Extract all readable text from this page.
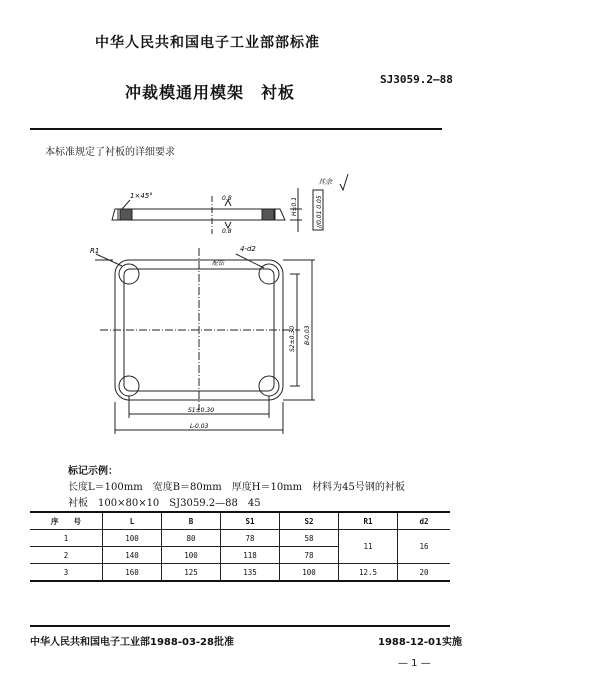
中华人民共和国电子工业部部标准
冲裁模通用模架　衬板
SJ3059.2—88
本标准规定了衬板的详细要求
1×45°	0.8
0.8
H±0.1	//0.01 0.05
其余
R1	4-d2
配钻
S1±0.30
L-0.03
S2±0.30 B-0.03
标记示例：
长度L＝100mm　宽度B＝80mm　厚度H＝10mm　材料为45号钢的衬板
衬板　100×80×10　SJ3059.2—88　45
序　　号	L	B	S1	S2	R1	d2
1	100	80	78	58	11	16
2	140	100	118	78		
3	160	125	135	100	12.5	20
中华人民共和国电子工业部1988-03-28批准	1988-12-01实施
— 1 —
